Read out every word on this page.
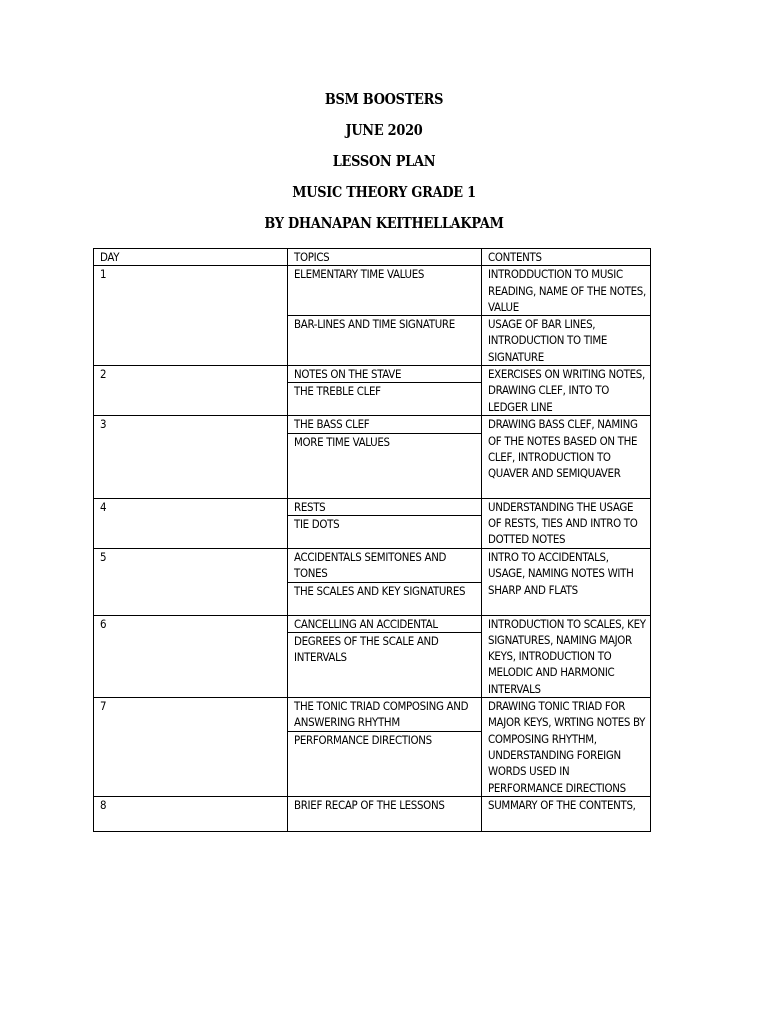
BSM BOOSTERS
JUNE 2020
LESSON PLAN
MUSIC THEORY GRADE 1
BY DHANAPAN KEITHELLAKPAM
DAY	TOPICS	CONTENTS
1	ELEMENTARY TIME VALUES	INTRODDUCTION TO MUSIC READING, NAME OF THE NOTES, VALUE
	BAR-LINES AND TIME SIGNATURE	USAGE OF BAR LINES, INTRODUCTION TO TIME SIGNATURE
2	NOTES ON THE STAVE	EXERCISES ON WRITING NOTES, DRAWING CLEF, INTO TO LEDGER LINE
	THE TREBLE CLEF	
3	THE BASS CLEF	DRAWING BASS CLEF, NAMING OF THE NOTES BASED ON THE CLEF, INTRODUCTION TO QUAVER AND SEMIQUAVER
	MORE TIME VALUES	
4	RESTS	UNDERSTANDING THE USAGE OF RESTS, TIES AND INTRO TO DOTTED NOTES
	TIE DOTS	
5	ACCIDENTALS SEMITONES AND TONES	INTRO TO ACCIDENTALS, USAGE, NAMING NOTES WITH SHARP AND FLATS
	THE SCALES AND KEY SIGNATURES	
6	CANCELLING AN ACCIDENTAL	INTRODUCTION TO SCALES, KEY SIGNATURES, NAMING MAJOR KEYS, INTRODUCTION TO MELODIC AND HARMONIC INTERVALS
	DEGREES OF THE SCALE AND INTERVALS	
7	THE TONIC TRIAD COMPOSING AND ANSWERING RHYTHM	DRAWING TONIC TRIAD FOR MAJOR KEYS, WRTING NOTES BY COMPOSING RHYTHM, UNDERSTANDING FOREIGN WORDS USED IN PERFORMANCE DIRECTIONS
	PERFORMANCE DIRECTIONS	
8	BRIEF RECAP OF THE LESSONS	SUMMARY OF THE CONTENTS,
